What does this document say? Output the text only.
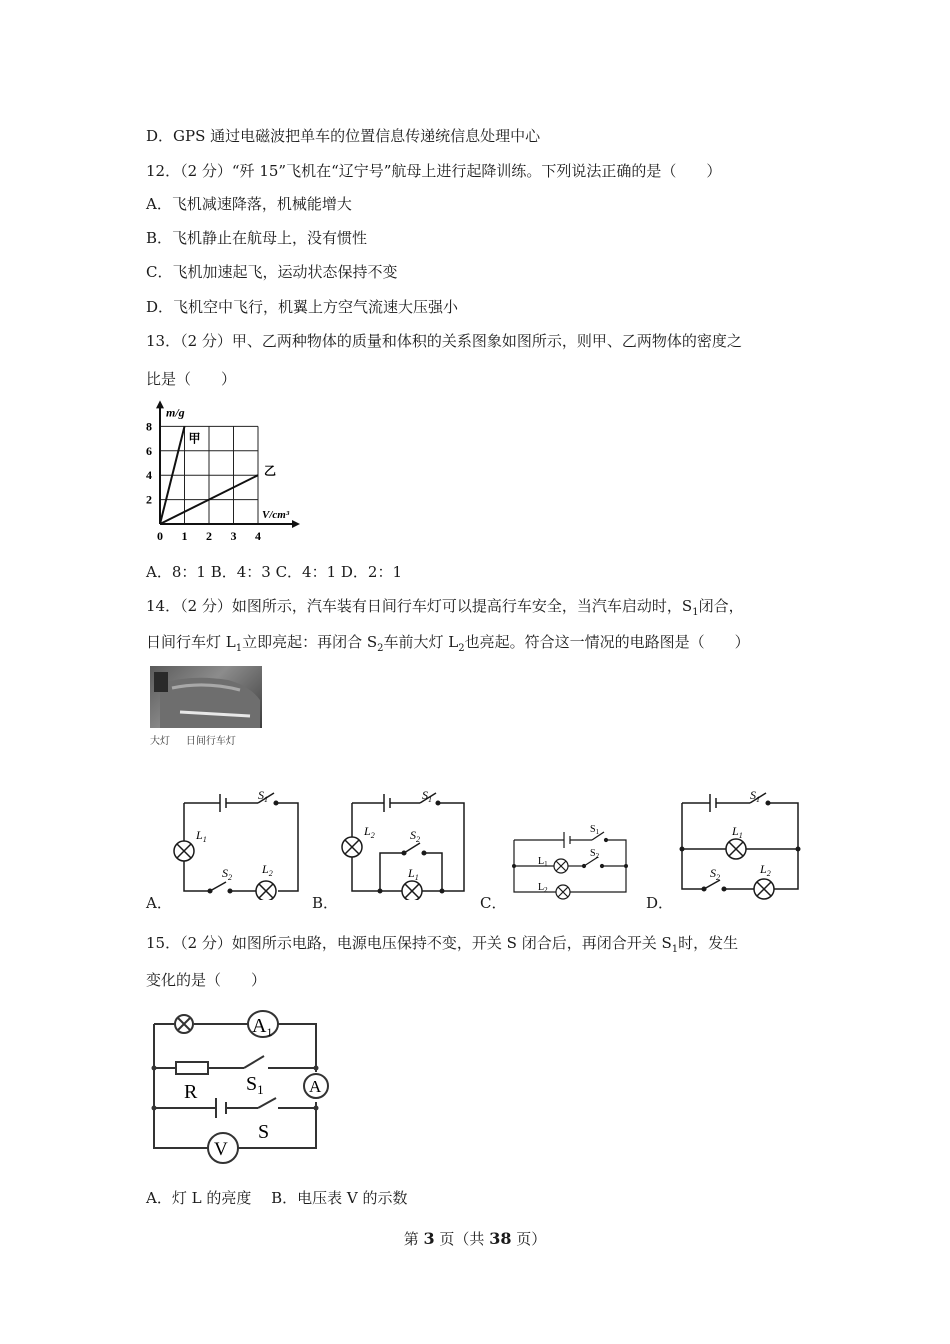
D．GPS 通过电磁波把单车的位置信息传递统信息处理中心
12．（2 分）“歼 15”飞机在“辽宁号”航母上进行起降训练。下列说法正确的是（　　）
A．飞机减速降落，机械能增大
B．飞机静止在航母上，没有惯性
C．飞机加速起飞，运动状态保持不变
D．飞机空中飞行，机翼上方空气流速大压强小
13．（2 分）甲、乙两种物体的质量和体积的关系图象如图所示，则甲、乙两物体的密度之
比是（　　）
0 1 2 3 4
2
4
6
8
m/g
V/cm³
甲
乙
A．8：1 B．4：3 C．4：1 D．2：1
14．（2 分）如图所示，汽车装有日间行车灯可以提高行车安全，当汽车启动时，$S_1$闭合，
日间行车灯 $L_1$立即亮起：再闭合 $S_2$车前大灯 $L_2$也亮起。符合这一情况的电路图是（　　）
大灯 日间行车灯
$S_1$
$L_1$
$S_2$
$L_2$
A．
$S_1$
$L_2$	$S_2$
$L_1$
B．
$S_1$
$S_2$
$L_1$
$L_2$
C．
$S_1$
$L_1$
$S_2$
$L_2$
D．
15．（2 分）如图所示电路，电源电压保持不变，开关 S 闭合后，再闭合开关 $S_1$时，发生
变化的是（　　）
$A_1$
A
V
R $S_1$
S
A．灯 L 的亮度　 B．电压表 V 的示数
第 3 页（共 38 页）
